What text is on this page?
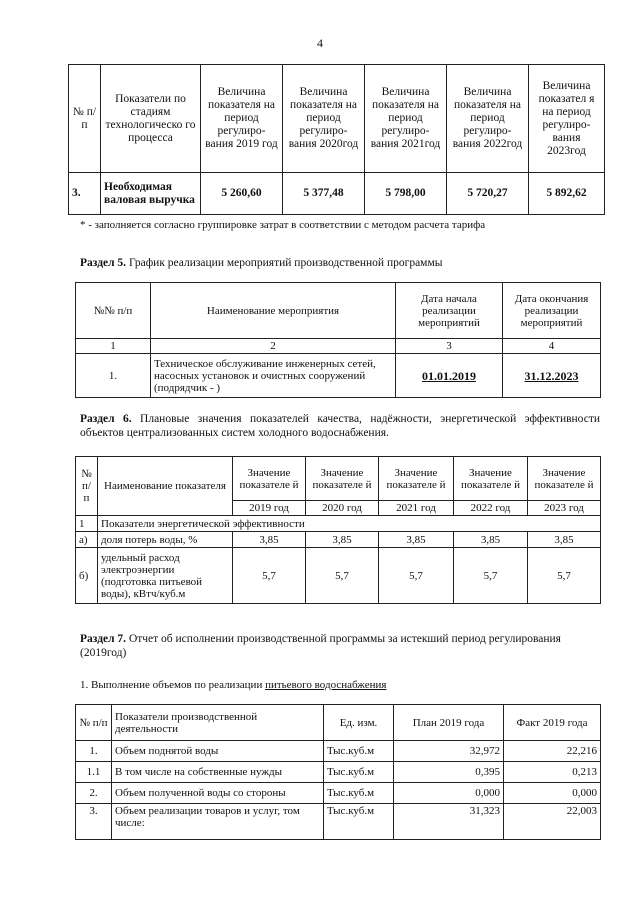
4
№ п/ п	Показатели по стадиям технологическо го процесса	Величина показателя на период регулиро- вания 2019 год	Величина показателя на период регулиро- вания 2020год	Величина показателя на период регулиро- вания 2021год	Величина показателя на период регулиро- вания 2022год	Величина показател я на период регулиро- вания 2023год
3.	Необходимая валовая выручка	5 260,60	5 377,48	5 798,00	5 720,27	5 892,62
* - заполняется согласно группировке затрат в соответствии с методом расчета тарифа
Раздел 5. График реализации мероприятий производственной программы
№№ п/п	Наименование мероприятия	Дата начала реализации мероприятий	Дата окончания реализации мероприятий
1	2	3	4
1.	Техническое обслуживание инженерных сетей, насосных установок и очистных сооружений (подрядчик - )	01.01.2019	31.12.2023
Раздел 6. Плановые значения показателей качества, надёжности, энергетической эффективности объектов централизованных систем холодного водоснабжения.
№ п/ п	Наименование показателя	Значение показателе й	Значение показателе й	Значение показателе й	Значение показателе й	Значение показателе й
		2019 год	2020 год	2021 год	2022 год	2023 год
1	Показатели энергетической эффективности					
а)	доля потерь воды, %	3,85	3,85	3,85	3,85	3,85
б)	удельный расход электроэнергии (подготовка питьевой воды), кВтч/куб.м	5,7	5,7	5,7	5,7	5,7
Раздел 7. Отчет об исполнении производственной программы за истекший период регулирования (2019год)
1. Выполнение объемов по реализации питьевого водоснабжения
№ п/п	Показатели производственной деятельности	Ед. изм.	План 2019 года	Факт 2019 года
1.	Объем поднятой воды	Тыс.куб.м	32,972	22,216
1.1	В том числе на собственные нужды	Тыс.куб.м	0,395	0,213
2.	Объем полученной воды со стороны	Тыс.куб.м	0,000	0,000
3.	Объем реализации товаров и услуг, том числе:	Тыс.куб.м	31,323	22,003
